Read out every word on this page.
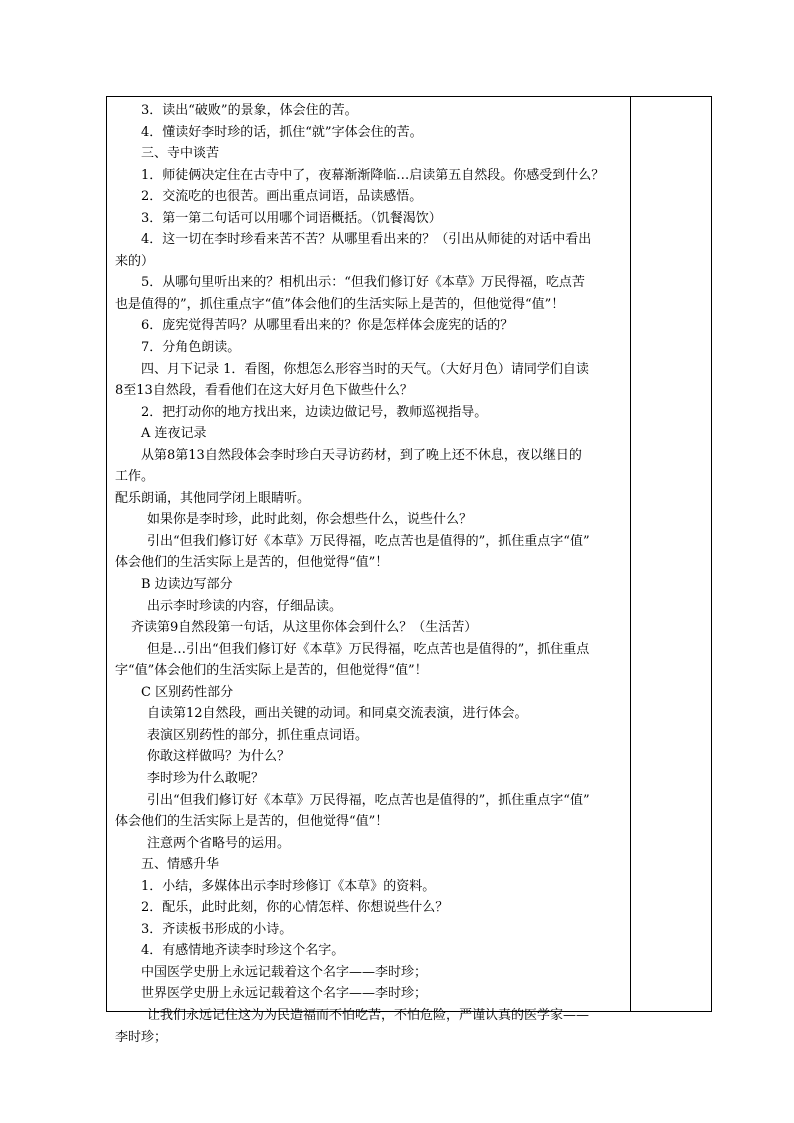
3．读出“破败”的景象，体会住的苦。
4．懂读好李时珍的话，抓住“就”字体会住的苦。
三、寺中谈苦
1．师徒俩决定住在古寺中了，夜幕渐渐降临…启读第五自然段。你感受到什么？
2．交流吃的也很苦。画出重点词语，品读感悟。
3．第一第二句话可以用哪个词语概括。（饥餐渴饮）
4．这一切在李时珍看来苦不苦？从哪里看出来的？（引出从师徒的对话中看出
来的）
5．从哪句里听出来的？相机出示：“但我们修订好《本草》万民得福，吃点苦
也是值得的”，抓住重点字“值”体会他们的生活实际上是苦的，但他觉得“值”！
6．庞宪觉得苦吗？从哪里看出来的？你是怎样体会庞宪的话的？
7．分角色朗读。
四、月下记录 1．看图，你想怎么形容当时的天气。（大好月色）请同学们自读
8至13自然段，看看他们在这大好月色下做些什么？
2．把打动你的地方找出来，边读边做记号，教师巡视指导。
A 连夜记录
从第8第13自然段体会李时珍白天寻访药材，到了晚上还不休息，夜以继日的
工作。
配乐朗诵，其他同学闭上眼睛听。
如果你是李时珍，此时此刻，你会想些什么，说些什么？
引出“但我们修订好《本草》万民得福，吃点苦也是值得的”，抓住重点字“值”
体会他们的生活实际上是苦的，但他觉得“值”！
B 边读边写部分
出示李时珍读的内容，仔细品读。
齐读第9自然段第一句话，从这里你体会到什么？（生活苦）
但是…引出“但我们修订好《本草》万民得福，吃点苦也是值得的”，抓住重点
字“值”体会他们的生活实际上是苦的，但他觉得“值”！
C 区别药性部分
自读第12自然段，画出关键的动词。和同桌交流表演，进行体会。
表演区别药性的部分，抓住重点词语。
你敢这样做吗？为什么？
李时珍为什么敢呢？
引出“但我们修订好《本草》万民得福，吃点苦也是值得的”，抓住重点字“值”
体会他们的生活实际上是苦的，但他觉得“值”！
注意两个省略号的运用。
五、情感升华
1．小结，多媒体出示李时珍修订《本草》的资料。
2．配乐，此时此刻，你的心情怎样、你想说些什么？
3．齐读板书形成的小诗。
4．有感情地齐读李时珍这个名字。
中国医学史册上永远记载着这个名字——李时珍；
世界医学史册上永远记载着这个名字——李时珍；
让我们永远记住这为为民造福而不怕吃苦，不怕危险，严谨认真的医学家——
李时珍；
